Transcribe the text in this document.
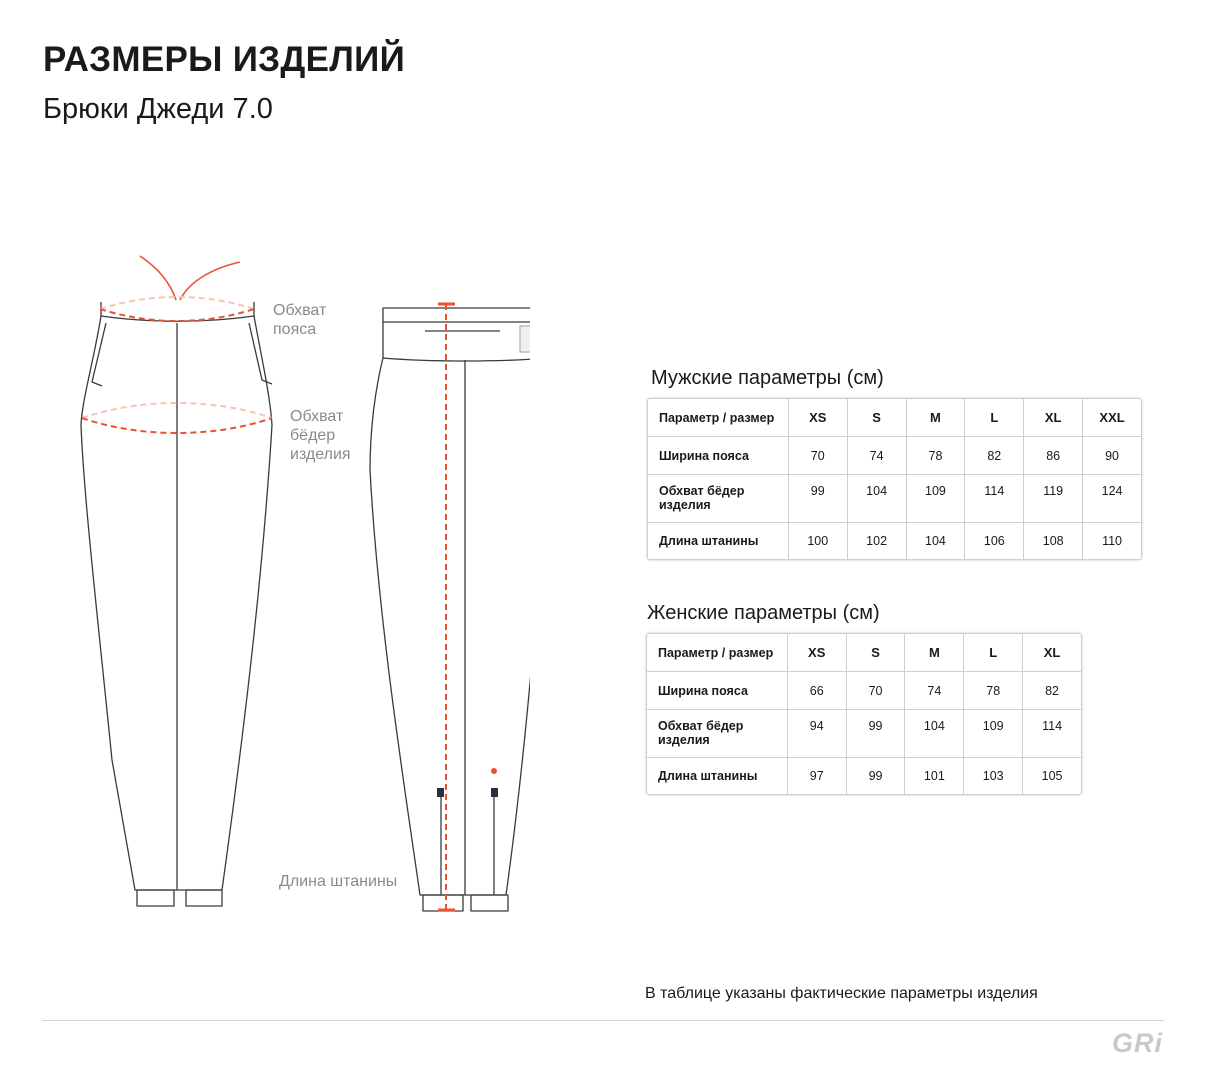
РАЗМЕРЫ ИЗДЕЛИЙ
Брюки Джеди 7.0
Обхват
пояса
Обхват
бёдер
изделия
Длина штанины
Мужские параметры (см)
Параметр / размер	XS	S	M	L	XL	XXL
Ширина пояса	70	74	78	82	86	90
Обхват бёдер изделия	99	104	109	114	119	124
Длина штанины	100	102	104	106	108	110
Женские параметры (см)
Параметр / размер	XS	S	M	L	XL
Ширина пояса	66	70	74	78	82
Обхват бёдер изделия	94	99	104	109	114
Длина штанины	97	99	101	103	105

В таблице указаны фактические параметры изделия

GRi
